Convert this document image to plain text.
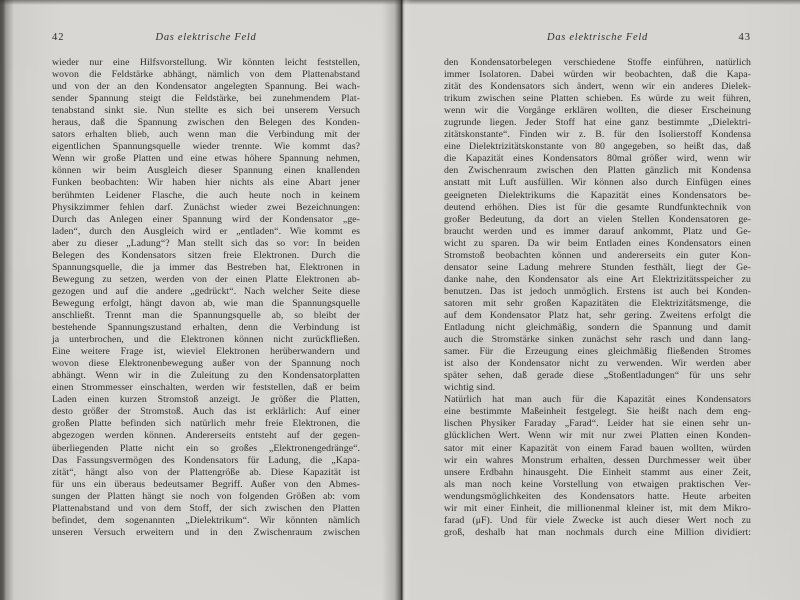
42	Das elektrische Feld
wieder nur eine Hilfsvorstellung. Wir könnten leicht feststellen,
wovon die Feldstärke abhängt, nämlich von dem Plattenabstand
und von der an den Kondensator angelegten Spannung. Bei wach-
sender Spannung steigt die Feldstärke, bei zunehmendem Plat-
tenabstand sinkt sie. Nun stellte es sich bei unserem Versuch
heraus, daß die Spannung zwischen den Belegen des Konden-
sators erhalten blieb, auch wenn man die Verbindung mit der
eigentlichen Spannungsquelle wieder trennte. Wie kommt das?
Wenn wir große Platten und eine etwas höhere Spannung nehmen,
können wir beim Ausgleich dieser Spannung einen knallenden
Funken beobachten: Wir haben hier nichts als eine Abart jener
berühmten Leidener Flasche, die auch heute noch in keinem
Physikzimmer fehlen darf. Zunächst wieder zwei Bezeichnungen:
Durch das Anlegen einer Spannung wird der Kondensator „ge-
laden“, durch den Ausgleich wird er „entladen“. Wie kommt es
aber zu dieser „Ladung“? Man stellt sich das so vor: In beiden
Belegen des Kondensators sitzen freie Elektronen. Durch die
Spannungsquelle, die ja immer das Bestreben hat, Elektronen in
Bewegung zu setzen, werden von der einen Platte Elektronen ab-
gezogen und auf die andere „gedrückt“. Nach welcher Seite diese
Bewegung erfolgt, hängt davon ab, wie man die Spannungsquelle
anschließt. Trennt man die Spannungsquelle ab, so bleibt der
bestehende Spannungszustand erhalten, denn die Verbindung ist
ja unterbrochen, und die Elektronen können nicht zurückfließen.
Eine weitere Frage ist, wieviel Elektronen herüberwandern und
wovon diese Elektronenbewegung außer von der Spannung noch
abhängt. Wenn wir in die Zuleitung zu den Kondensatorplatten
einen Strommesser einschalten, werden wir feststellen, daß er beim
Laden einen kurzen Stromstoß anzeigt. Je größer die Platten,
desto größer der Stromstoß. Auch das ist erklärlich: Auf einer
großen Platte befinden sich natürlich mehr freie Elektronen, die
abgezogen werden können. Andererseits entsteht auf der gegen-
überliegenden Platte nicht ein so großes „Elektronengedränge“.
Das Fassungsvermögen des Kondensators für Ladung, die „Kapa-
zität“, hängt also von der Plattengröße ab. Diese Kapazität ist
für uns ein überaus bedeutsamer Begriff. Außer von den Abmes-
sungen der Platten hängt sie noch von folgenden Größen ab: vom
Plattenabstand und von dem Stoff, der sich zwischen den Platten
befindet, dem sogenannten „Dielektrikum“. Wir könnten nämlich
unseren Versuch erweitern und in den Zwischenraum zwischen
Das elektrische Feld	43
den Kondensatorbelegen verschiedene Stoffe einführen, natürlich
immer Isolatoren. Dabei würden wir beobachten, daß die Kapa-
zität des Kondensators sich ändert, wenn wir ein anderes Dielek-
trikum zwischen seine Platten schieben. Es würde zu weit führen,
wenn wir die Vorgänge erklären wollten, die dieser Erscheinung
zugrunde liegen. Jeder Stoff hat eine ganz bestimmte „Dielektri-
zitätskonstante“. Finden wir z. B. für den Isolierstoff Kondensa
eine Dielektrizitätskonstante von 80 angegeben, so heißt das, daß
die Kapazität eines Kondensators 80mal größer wird, wenn wir
den Zwischenraum zwischen den Platten gänzlich mit Kondensa
anstatt mit Luft ausfüllen. Wir können also durch Einfügen eines
geeigneten Dielektrikums die Kapazität eines Kondensators be-
deutend erhöhen. Dies ist für die gesamte Rundfunktechnik von
großer Bedeutung, da dort an vielen Stellen Kondensatoren ge-
braucht werden und es immer darauf ankommt, Platz und Ge-
wicht zu sparen. Da wir beim Entladen eines Kondensators einen
Stromstoß beobachten können und andererseits ein guter Kon-
densator seine Ladung mehrere Stunden festhält, liegt der Ge-
danke nahe, den Kondensator als eine Art Elektrizitätsspeicher zu
benutzen. Das ist jedoch unmöglich. Erstens ist auch bei Konden-
satoren mit sehr großen Kapazitäten die Elektrizitätsmenge, die
auf dem Kondensator Platz hat, sehr gering. Zweitens erfolgt die
Entladung nicht gleichmäßig, sondern die Spannung und damit
auch die Stromstärke sinken zunächst sehr rasch und dann lang-
samer. Für die Erzeugung eines gleichmäßig fließenden Stromes
ist also der Kondensator nicht zu verwenden. Wir werden aber
später sehen, daß gerade diese „Stoßentladungen“ für uns sehr
wichtig sind.
Natürlich hat man auch für die Kapazität eines Kondensators
eine bestimmte Maßeinheit festgelegt. Sie heißt nach dem eng-
lischen Physiker Faraday „Farad“. Leider hat sie einen sehr un-
glücklichen Wert. Wenn wir mit nur zwei Platten einen Konden-
sator mit einer Kapazität von einem Farad bauen wollten, würden
wir ein wahres Monstrum erhalten, dessen Durchmesser weit über
unsere Erdbahn hinausgeht. Die Einheit stammt aus einer Zeit,
als man noch keine Vorstellung von etwaigen praktischen Ver-
wendungsmöglichkeiten des Kondensators hatte. Heute arbeiten
wir mit einer Einheit, die millionenmal kleiner ist, mit dem Mikro-
farad (μF). Und für viele Zwecke ist auch dieser Wert noch zu
groß, deshalb hat man nochmals durch eine Million dividiert:
